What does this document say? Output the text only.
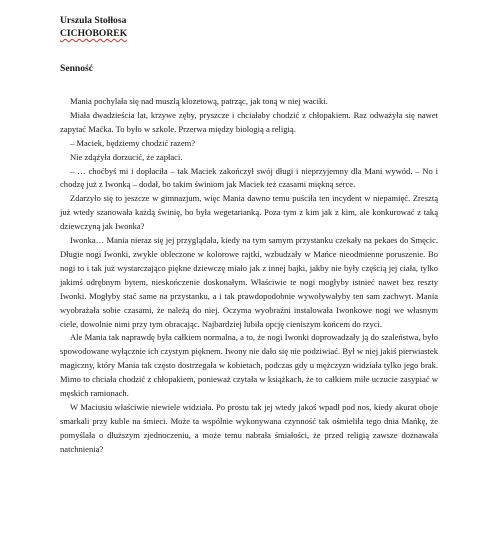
Urszula Stołłosa
CICHOBOREK
Senność

Mania pochylała się nad muszlą klozetową, patrząc, jak toną w niej waciki.

Miała dwadzieścia lat, krzywe zęby, pryszcze i chciałaby chodzić z chłopakiem. Raz odważyła się nawet zapytać Maćka. To było w szkole. Przerwa między biologią a religią.

– Maciek, będziemy chodzić razem?

Nie zdążyła dorzucić, że zapłaci.

– … choćbyś mi i dopłaciła – tak Maciek zakończył swój długi i nieprzyjemny dla Mani wywód. – No i chodzę już z Iwonką – dodał, bo takim świniom jak Maciek też czasami miękną serce.

Zdarzyło się to jeszcze w gimnazjum, więc Mania dawno temu puściła ten incydent w niepamięć. Zresztą już wtedy szanowała każdą świnię, bo była wegetarianką. Poza tym z kim jak z kim, ale konkurować z taką dziewczyną jak Iwonka?

Iwonka… Mania nieraz się jej przyglądała, kiedy na tym samym przystanku czekały na pekaes do Smęcic. Długie nogi Iwonki, zwykle obleczone w kolorowe rajtki, wzbudzały w Mańce nieodmienne poruszenie. Bo nogi to i tak już wystarczająco piękne dziewczę miało jak z innej bajki, jakby nie były częścią jej ciała, tylko jakimś odrębnym bytem, nieskończenie doskonałym. Właściwie te nogi mogłyby istnieć nawet bez reszty Iwonki. Mogłyby stać same na przystanku, a i tak prawdopodobnie wywoływałyby ten sam zachwyt. Mania wyobrażała sobie czasami, że należą do niej. Oczyma wyobraźni instalowała Iwonkowe nogi we własnym ciele, dowolnie nimi przy tym obracając. Najbardziej lubiła opcję cieniszym końcem do rzyci.

Ale Mania tak naprawdę była całkiem normalna, a to, że nogi Iwonki doprowadzały ją do szaleństwa, było spowodowane wyłącznie ich czystym pięknem. Iwony nie dało się nie podziwiać. Był w niej jakiś pierwiastek magiczny, który Mania tak często dostrzegała w kobietach, podczas gdy u mężczyzn widziała tylko jego brak. Mimo to chciała chodzić z chłopakiem, ponieważ czytała w książkach, że to całkiem miłe uczucie zasypiać w męskich ramionach.

W Maciusiu właściwie niewiele widziała. Po prostu tak jej wtedy jakoś wpadł pod nos, kiedy akurat oboje smarkali przy kuble na śmieci. Może ta wspólnie wykonywana czynność tak ośmieliła tego dnia Mańkę, że pomyślała o dłuższym zjednoczeniu, a może temu nabrała śmiałości, że przed religią zawsze doznawała natchnienia?
